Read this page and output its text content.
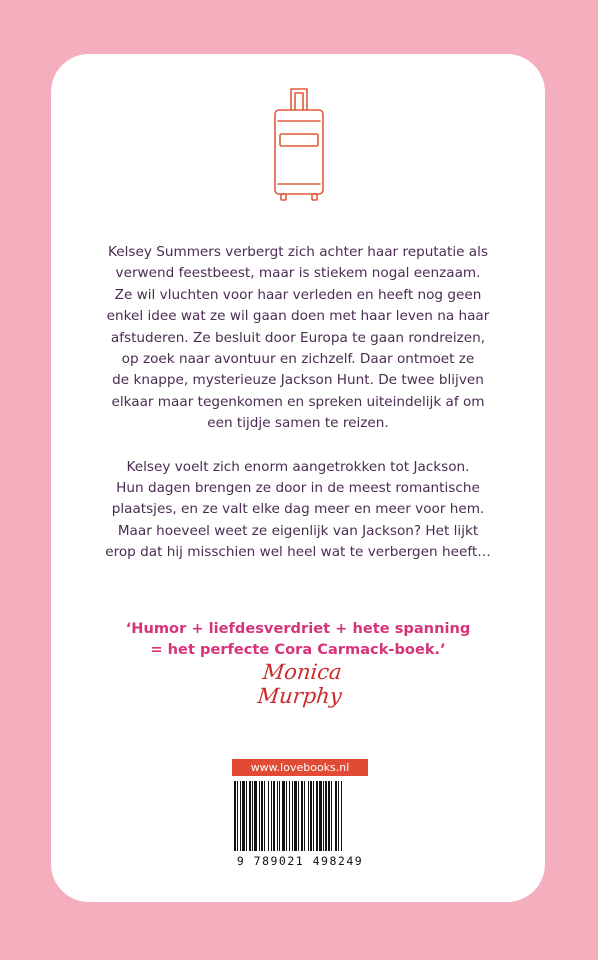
Kelsey Summers verbergt zich achter haar reputatie als
verwend feestbeest, maar is stiekem nogal eenzaam.
Ze wil vluchten voor haar verleden en heeft nog geen
enkel idee wat ze wil gaan doen met haar leven na haar
afstuderen. Ze besluit door Europa te gaan rondreizen,
op zoek naar avontuur en zichzelf. Daar ontmoet ze
de knappe, mysterieuze Jackson Hunt. De twee blijven
elkaar maar tegenkomen en spreken uiteindelijk af om
een tijdje samen te reizen.

Kelsey voelt zich enorm aangetrokken tot Jackson.
Hun dagen brengen ze door in de meest romantische
plaatsjes, en ze valt elke dag meer en meer voor hem.
Maar hoeveel weet ze eigenlijk van Jackson? Het lijkt
erop dat hij misschien wel heel wat te verbergen heeft…

‘Humor + liefdesverdriet + hete spanning
= het perfecte Cora Carmack-boek.’
Monica Murphy
www.lovebooks.nl
9 789021 498249
